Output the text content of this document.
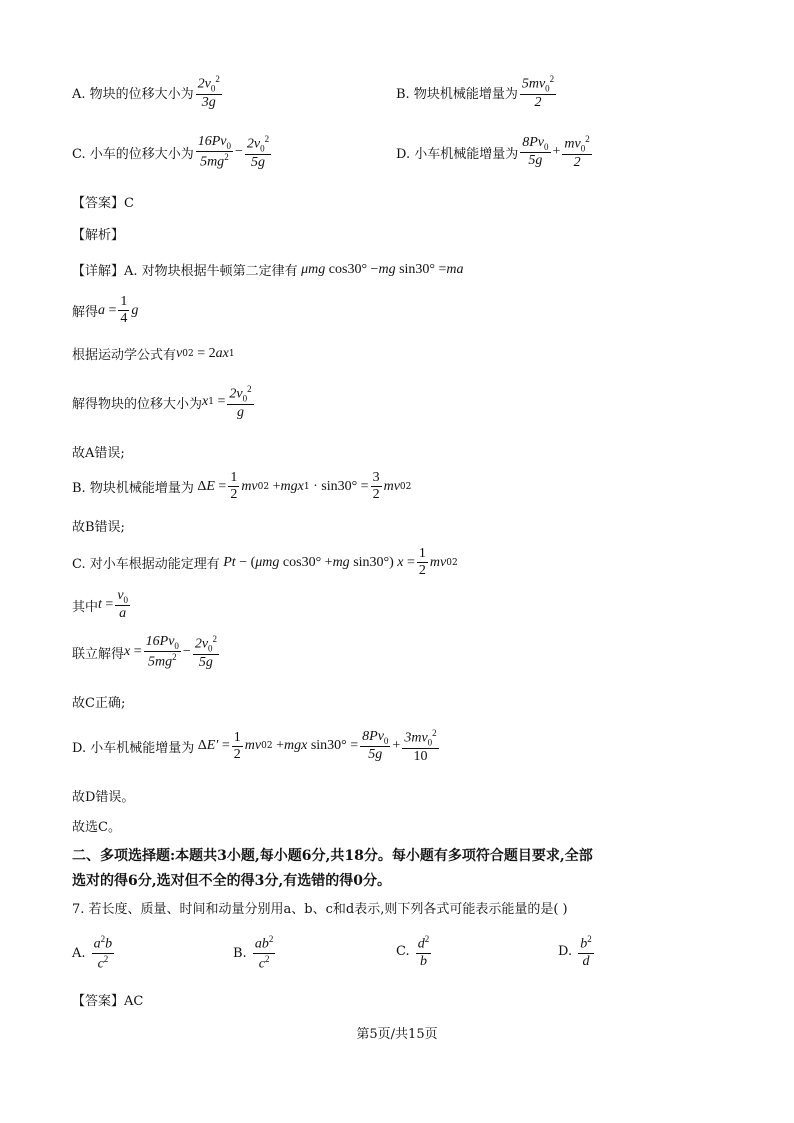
A. 物块的位移大小为 $\frac{2v_0^2}{3g}$	B. 物块机械能增量为 $\frac{5mv_0^2}{2}$
C. 小车的位移大小为 $\frac{16Pv_0}{5mg^2} - \frac{2v_0^2}{5g}$	D. 小车机械能增量为 $\frac{8Pv_0}{5g} + \frac{mv_0^2}{2}$
【答案】C
【解析】
【详解】A. 对物块根据牛顿第二定律有 μmg cos30° − mg sin30° = ma
解得 $a = \frac{1}{4}$ g
根据运动学公式有 v 0 2 = 2 ax 1
解得物块的位移大小为 x $1 = \frac{2v_0^2}{g}$
故A错误;
B. 物块机械能增量为 Δ $E = \frac{1}{2}$ mv 0 2 + mgx $1 \cdot \sin 30^\circ = \frac{3}{2}$ mv 0 2
故B错误;
C. 对小车根据动能定理有 Pt − ( μmg cos30° + mg sin30°) $x = \frac{1}{2}$ mv 0 2
其中 $t = \frac{v_0}{a}$
联立解得 $x = \frac{16Pv_0}{5mg^2} - \frac{2v_0^2}{5g}$
故C正确;
D. 小车机械能增量为 Δ $E' = \frac{1}{2}$ mv 0 2 + mgx $\sin 30^\circ = \frac{8Pv_0}{5g} + \frac{3mv_0^2}{10}$
故D错误。
故选C。
二、多项选择题:本题共3小题,每小题6分,共18分。每小题有多项符合题目要求,全部
选对的得6分,选对但不全的得3分,有选错的得0分。
7. 若长度、质量、时间和动量分别用a、b、c和d表示,则下列各式可能表示能量的是( )
A.
$\frac{a^2b}{c^2}$	B.
$\frac{ab^2}{c^2}$	C.
$\frac{d^2}{b}$	D.
$\frac{b^2}{d}$
【答案】AC
第5页/共15页
